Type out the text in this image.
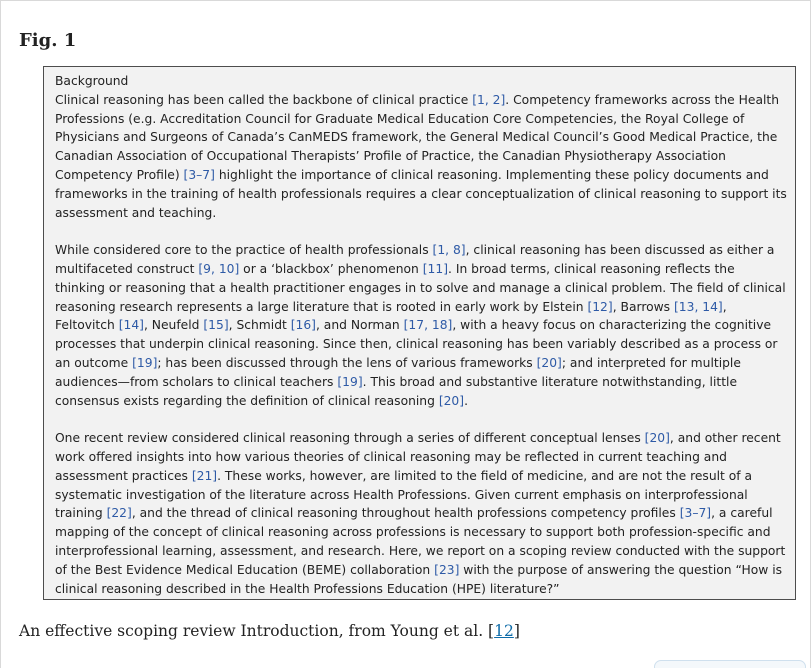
Fig. 1
Background

Clinical reasoning has been called the backbone of clinical practice [1, 2]. Competency frameworks across the Health Professions (e.g. Accreditation Council for Graduate Medical Education Core Competencies, the Royal College of Physicians and Surgeons of Canada’s CanMEDS framework, the General Medical Council’s Good Medical Practice, the Canadian Association of Occupational Therapists’ Profile of Practice, the Canadian Physiotherapy Association Competency Profile) [3–7] highlight the importance of clinical reasoning. Implementing these policy documents and frameworks in the training of health professionals requires a clear conceptualization of clinical reasoning to support its assessment and teaching.

While considered core to the practice of health professionals [1, 8], clinical reasoning has been discussed as either a multifaceted construct [9, 10] or a ‘blackbox’ phenomenon [11]. In broad terms, clinical reasoning reflects the thinking or reasoning that a health practitioner engages in to solve and manage a clinical problem. The field of clinical reasoning research represents a large literature that is rooted in early work by Elstein [12], Barrows [13, 14], Feltovitch [14], Neufeld [15], Schmidt [16], and Norman [17, 18], with a heavy focus on characterizing the cognitive processes that underpin clinical reasoning. Since then, clinical reasoning has been variably described as a process or an outcome [19]; has been discussed through the lens of various frameworks [20]; and interpreted for multiple audiences—from scholars to clinical teachers [19]. This broad and substantive literature notwithstanding, little consensus exists regarding the definition of clinical reasoning [20].

One recent review considered clinical reasoning through a series of different conceptual lenses [20], and other recent work offered insights into how various theories of clinical reasoning may be reflected in current teaching and assessment practices [21]. These works, however, are limited to the field of medicine, and are not the result of a systematic investigation of the literature across Health Professions. Given current emphasis on interprofessional training [22], and the thread of clinical reasoning throughout health professions competency profiles [3–7], a careful mapping of the concept of clinical reasoning across professions is necessary to support both profession-specific and interprofessional learning, assessment, and research. Here, we report on a scoping review conducted with the support of the Best Evidence Medical Education (BEME) collaboration [23] with the purpose of answering the question “How is clinical reasoning described in the Health Professions Education (HPE) literature?”

An effective scoping review Introduction, from Young et al. [12]
